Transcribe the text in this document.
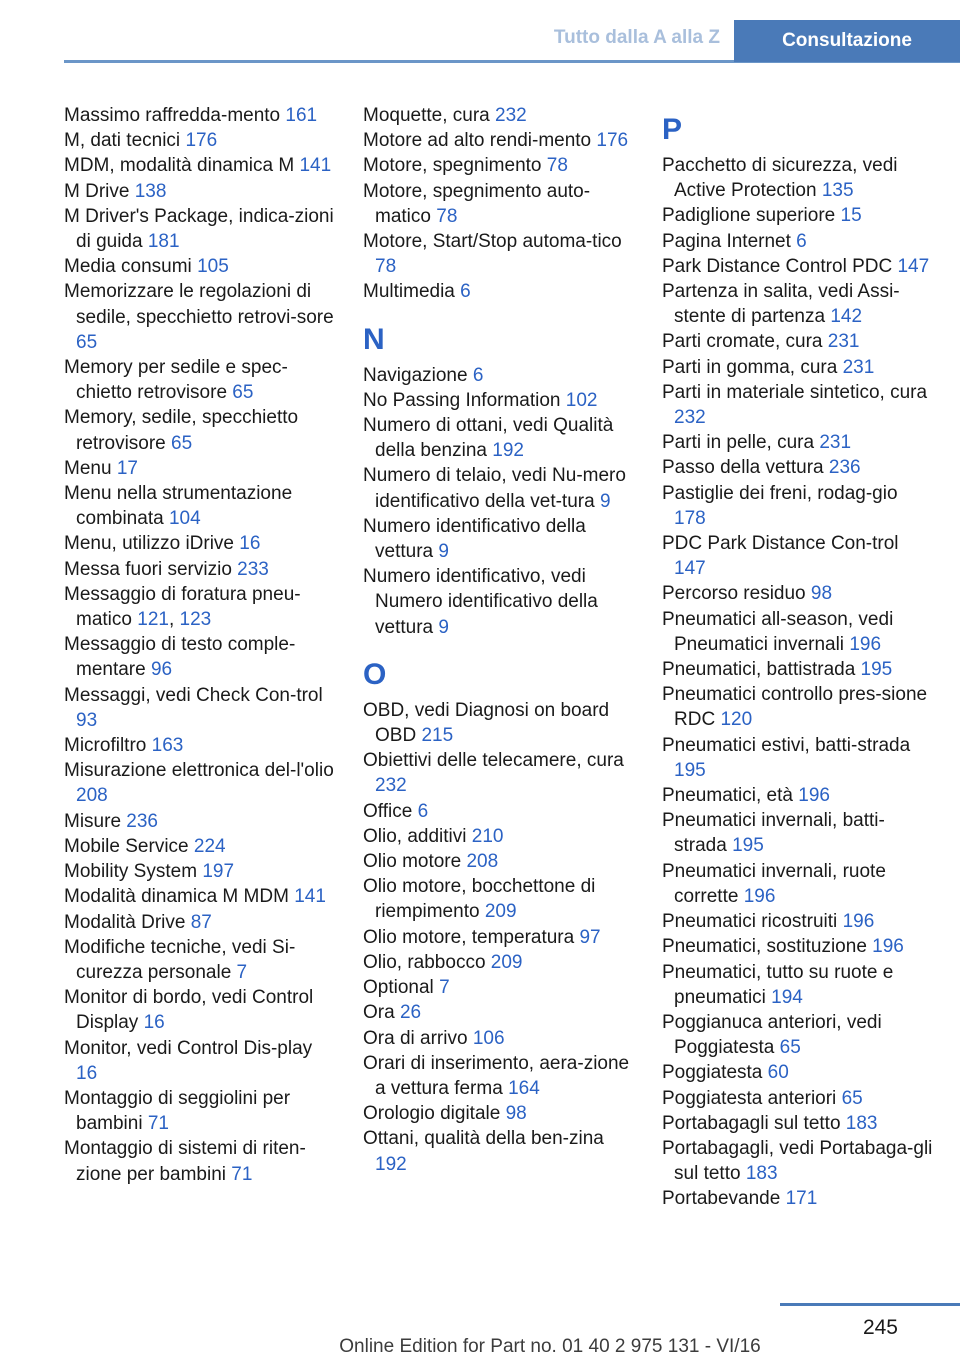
Tutto dalla A alla Z	Consultazione
Massimo raffredda-mento 161
M, dati tecnici 176
MDM, modalità dinamica M 141
M Drive 138
M Driver's Package, indica-zioni di guida 181
Media consumi 105
Memorizzare le regolazioni di sedile, specchietto retrovi-sore 65
Memory per sedile e spec-chietto retrovisore 65
Memory, sedile, specchietto retrovisore 65
Menu 17
Menu nella strumentazione combinata 104
Menu, utilizzo iDrive 16
Messa fuori servizio 233
Messaggio di foratura pneu-matico 121, 123
Messaggio di testo comple-mentare 96
Messaggi, vedi Check Con-trol 93
Microfiltro 163
Misurazione elettronica del-l'olio 208
Misure 236
Mobile Service 224
Mobility System 197
Modalità dinamica M MDM 141
Modalità Drive 87
Modifiche tecniche, vedi Si-curezza personale 7
Monitor di bordo, vedi Control Display 16
Monitor, vedi Control Dis-play 16
Montaggio di seggiolini per bambini 71
Montaggio di sistemi di riten-zione per bambini 71
Moquette, cura 232
Motore ad alto rendi-mento 176
Motore, spegnimento 78
Motore, spegnimento auto-matico 78
Motore, Start/Stop automa-tico 78
Multimedia 6
N
Navigazione 6
No Passing Information 102
Numero di ottani, vedi Qualità della benzina 192
Numero di telaio, vedi Nu-mero identificativo della vet-tura 9
Numero identificativo della vettura 9
Numero identificativo, vedi Numero identificativo della vettura 9
O
OBD, vedi Diagnosi on board OBD 215
Obiettivi delle telecamere, cura 232
Office 6
Olio, additivi 210
Olio motore 208
Olio motore, bocchettone di riempimento 209
Olio motore, temperatura 97
Olio, rabbocco 209
Optional 7
Ora 26
Ora di arrivo 106
Orari di inserimento, aera-zione a vettura ferma 164
Orologio digitale 98
Ottani, qualità della ben-zina 192
P
Pacchetto di sicurezza, vedi Active Protection 135
Padiglione superiore 15
Pagina Internet 6
Park Distance Control PDC 147
Partenza in salita, vedi Assi-stente di partenza 142
Parti cromate, cura 231
Parti in gomma, cura 231
Parti in materiale sintetico, cura 232
Parti in pelle, cura 231
Passo della vettura 236
Pastiglie dei freni, rodag-gio 178
PDC Park Distance Con-trol 147
Percorso residuo 98
Pneumatici all-season, vedi Pneumatici invernali 196
Pneumatici, battistrada 195
Pneumatici controllo pres-sione RDC 120
Pneumatici estivi, batti-strada 195
Pneumatici, età 196
Pneumatici invernali, batti-strada 195
Pneumatici invernali, ruote corrette 196
Pneumatici ricostruiti 196
Pneumatici, sostituzione 196
Pneumatici, tutto su ruote e pneumatici 194
Poggianuca anteriori, vedi Poggiatesta 65
Poggiatesta 60
Poggiatesta anteriori 65
Portabagagli sul tetto 183
Portabagagli, vedi Portabaga-gli sul tetto 183
Portabevande 171
245
Online Edition for Part no. 01 40 2 975 131 - VI/16
